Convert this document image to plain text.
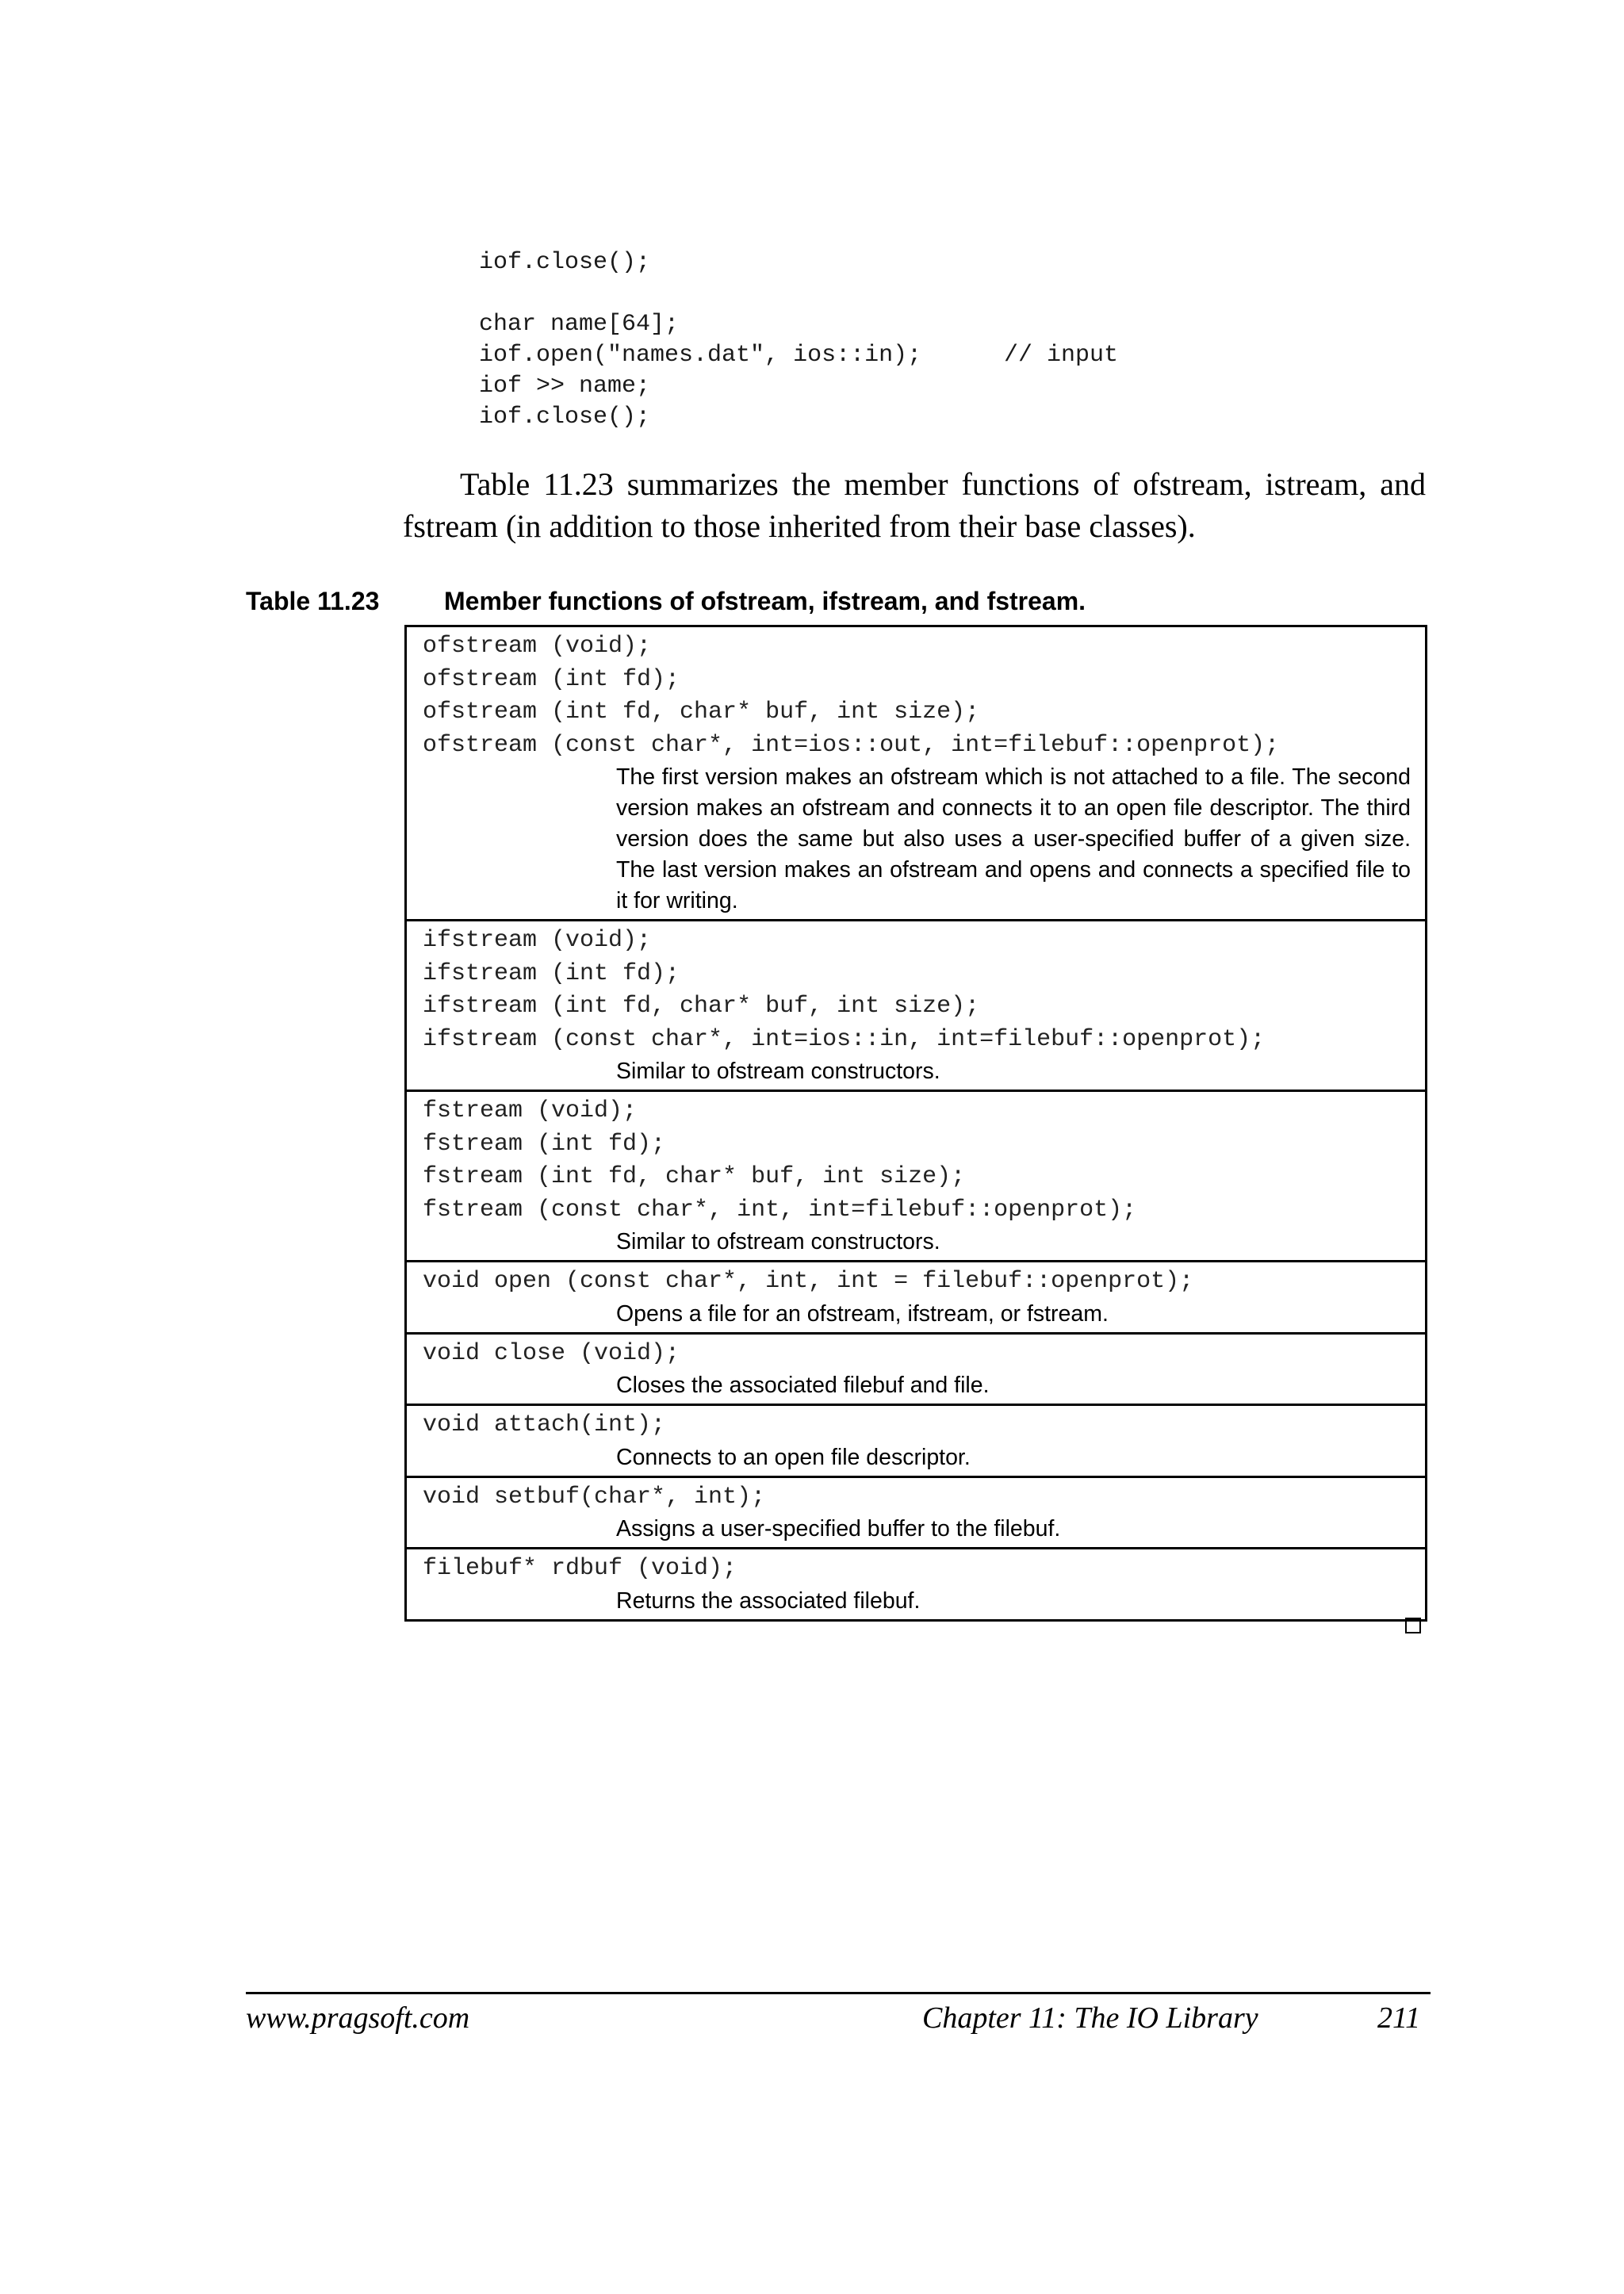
iof.close();
char name[64];
iof.open("names.dat", ios::in);	// input
iof >> name;
iof.close();

Table 11.23 summarizes the member functions of ofstream, istream, and fstream (in addition to those inherited from their base classes).

Table 11.23	Member functions of ofstream, ifstream, and fstream.
ofstream (void);
ofstream (int fd);
ofstream (int fd, char* buf, int size);
ofstream (const char*, int=ios::out, int=filebuf::openprot);
The first version makes an ofstream which is not attached to a file. The second version makes an ofstream and connects it to an open file descriptor. The third version does the same but also uses a user-specified buffer of a given size. The last version makes an ofstream and opens and connects a specified file to it for writing.
ifstream (void);
ifstream (int fd);
ifstream (int fd, char* buf, int size);
ifstream (const char*, int=ios::in, int=filebuf::openprot);
Similar to ofstream constructors.
fstream (void);
fstream (int fd);
fstream (int fd, char* buf, int size);
fstream (const char*, int, int=filebuf::openprot);
Similar to ofstream constructors.
void open (const char*, int, int = filebuf::openprot);
Opens a file for an ofstream, ifstream, or fstream.
void close (void);
Closes the associated filebuf and file.
void attach(int);
Connects to an open file descriptor.
void setbuf(char*, int);
Assigns a user-specified buffer to the filebuf.
filebuf* rdbuf (void);
Returns the associated filebuf.
www.pragsoft.com	Chapter 11: The IO Library	211
